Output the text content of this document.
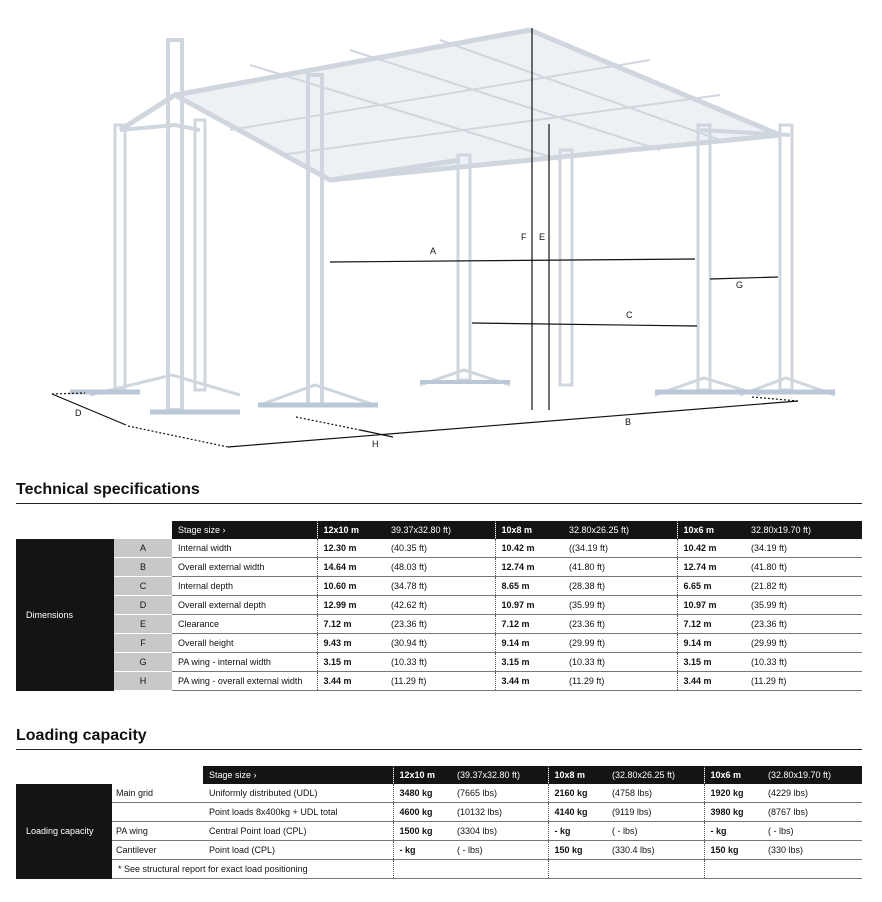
A
B
C
D
E
F
G
H
Technical specifications
		Stage size ›	12x10 m	39.37x32.80 ft)	10x8 m	32.80x26.25 ft)	10x6 m	32.80x19.70 ft)
Dimensions	A	Internal width	12.30 m	(40.35 ft)	10.42 m	((34.19 ft)	10.42 m	(34.19 ft)
	B	Overall external width	14.64 m	(48.03 ft)	12.74 m	(41.80 ft)	12.74 m	(41.80 ft)
	C	Internal depth	10.60 m	(34.78 ft)	8.65 m	(28.38 ft)	6.65 m	(21.82 ft)
	D	Overall external depth	12.99 m	(42.62 ft)	10.97 m	(35.99 ft)	10.97 m	(35.99 ft)
	E	Clearance	7.12 m	(23.36 ft)	7.12 m	(23.36 ft)	7.12 m	(23.36 ft)
	F	Overall height	9.43 m	(30.94 ft)	9.14 m	(29.99 ft)	9.14 m	(29.99 ft)
	G	PA wing - internal width	3.15 m	(10.33 ft)	3.15 m	(10.33 ft)	3.15 m	(10.33 ft)
	H	PA wing - overall external width	3.44 m	(11.29 ft)	3.44 m	(11.29 ft)	3.44 m	(11.29 ft)
Loading capacity
		Stage size ›	12x10 m	(39.37x32.80 ft)	10x8 m	(32.80x26.25 ft)	10x6 m	(32.80x19.70 ft)
Loading capacity	Main grid	Uniformly distributed (UDL)	3480 kg	(7665 lbs)	2160 kg	(4758 lbs)	1920 kg	(4229 lbs)
		Point loads 8x400kg + UDL total	4600 kg	(10132 lbs)	4140 kg	(9119 lbs)	3980 kg	(8767 lbs)
	PA wing	Central Point load (CPL)	1500 kg	(3304 lbs)	- kg	( - lbs)	- kg	( - lbs)
	Cantilever	Point load (CPL)	- kg	( - lbs)	150 kg	(330.4 lbs)	150 kg	(330 lbs)
	* See structural report for exact load positioning							
